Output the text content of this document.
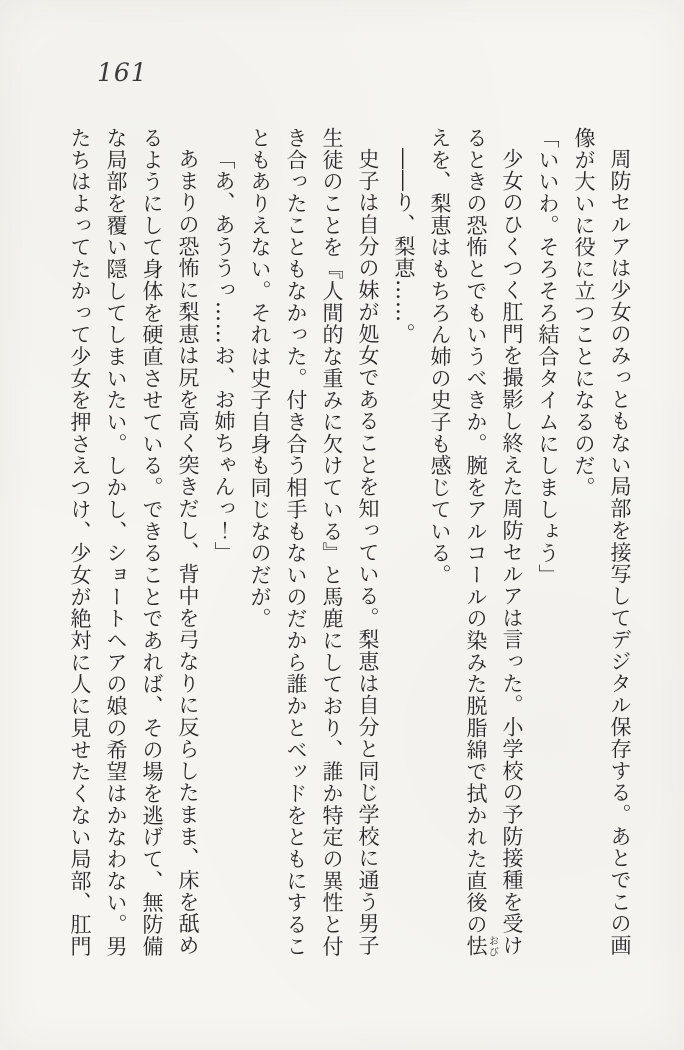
161

周防セルアは少女のみっともない局部を接写してデジタル保存する。あとでこの画像が大いに役に立つことになるのだ。

「いいわ。そろそろ結合タイムにしましょう」

少女のひくつく肛門を撮影し終えた周防セルアは言った。小学校の予防接種を受けるときの恐怖とでもいうべきか。腕をアルコールの染みた脱脂綿で拭かれた直後の怯おびえを、梨恵はもちろん姉の史子も感じている。

――り、梨恵……。

史子は自分の妹が処女であることを知っている。梨恵は自分と同じ学校に通う男子生徒のことを『人間的な重みに欠けている』と馬鹿にしており、誰か特定の異性と付き合ったこともなかった。付き合う相手もないのだから誰かとベッドをともにすることもありえない。それは史子自身も同じなのだが。

「あ、あううっ……お、お姉ちゃんっ！」

あまりの恐怖に梨恵は尻を高く突きだし、背中を弓なりに反らしたまま、床を舐めるようにして身体を硬直させている。できることであれば、その場を逃げて、無防備な局部を覆い隠してしまいたい。しかし、ショートヘアの娘の希望はかなわない。男たちはよってたかって少女を押さえつけ、少女が絶対に人に見せたくない局部、肛門
